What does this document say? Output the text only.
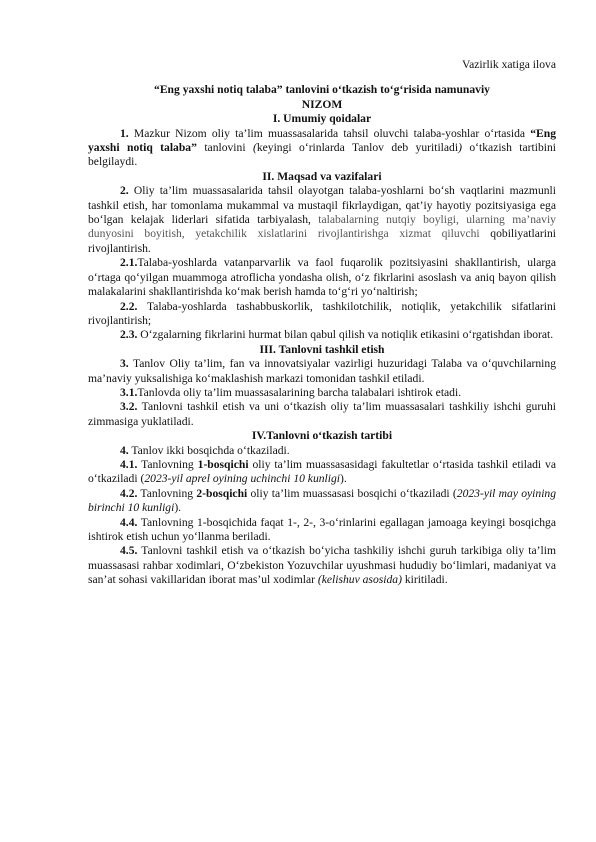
Vazirlik xatiga ilova
“Eng yaxshi notiq talaba” tanlovini o‘tkazish to‘g‘risida namunaviy
NIZOM
I. Umumiy qoidalar

1. Mazkur Nizom oliy ta’lim muassasalarida tahsil oluvchi talaba-yoshlar o‘rtasida “Eng yaxshi notiq talaba” tanlovini (keyingi o‘rinlarda Tanlov deb yuritiladi) o‘tkazish tartibini belgilaydi.

II. Maqsad va vazifalari

2. Oliy ta’lim muassasalarida tahsil olayotgan talaba-yoshlarni bo‘sh vaqtlarini mazmunli tashkil etish, har tomonlama mukammal va mustaqil fikrlaydigan, qat’iy hayotiy pozitsiyasiga ega bo‘lgan kelajak liderlari sifatida tarbiyalash, talabalarning nutqiy boyligi, ularning ma’naviy dunyosini boyitish, yetakchilik xislatlarini rivojlantirishga xizmat qiluvchi qobiliyatlarini rivojlantirish.

2.1.Talaba-yoshlarda vatanparvarlik va faol fuqarolik pozitsiyasini shakllantirish, ularga o‘rtaga qo‘yilgan muammoga atroflicha yondasha olish, o‘z fikrlarini asoslash va aniq bayon qilish malakalarini shakllantirishda ko‘mak berish hamda to‘g‘ri yo‘naltirish;

2.2. Talaba-yoshlarda tashabbuskorlik, tashkilotchilik, notiqlik, yetakchilik sifatlarini rivojlantirish;

2.3. O‘zgalarning fikrlarini hurmat bilan qabul qilish va notiqlik etikasini o‘rgatishdan iborat.

III. Tanlovni tashkil etish

3. Tanlov Oliy ta’lim, fan va innovatsiyalar vazirligi huzuridagi Talaba va o‘quvchilarning ma’naviy yuksalishiga ko‘maklashish markazi tomonidan tashkil etiladi.

3.1.Tanlovda oliy ta’lim muassasalarining barcha talabalari ishtirok etadi.

3.2. Tanlovni tashkil etish va uni o‘tkazish oliy ta’lim muassasalari tashkiliy ishchi guruhi zimmasiga yuklatiladi.

IV.Tanlovni o‘tkazish tartibi

4. Tanlov ikki bosqichda o‘tkaziladi.

4.1. Tanlovning 1-bosqichi oliy ta’lim muassasasidagi fakultetlar o‘rtasida tashkil etiladi va o‘tkaziladi (2023-yil aprel oyining uchinchi 10 kunligi).

4.2. Tanlovning 2-bosqichi oliy ta’lim muassasasi bosqichi o‘tkaziladi (2023-yil may oyining birinchi 10 kunligi).

4.4. Tanlovning 1-bosqichida faqat 1-, 2-, 3-o‘rinlarini egallagan jamoaga keyingi bosqichga ishtirok etish uchun yo‘llanma beriladi.

4.5. Tanlovni tashkil etish va o‘tkazish bo‘yicha tashkiliy ishchi guruh tarkibiga oliy ta’lim muassasasi rahbar xodimlari, O‘zbekiston Yozuvchilar uyushmasi hududiy bo‘limlari, madaniyat va san’at sohasi vakillaridan iborat mas’ul xodimlar (kelishuv asosida) kiritiladi.
